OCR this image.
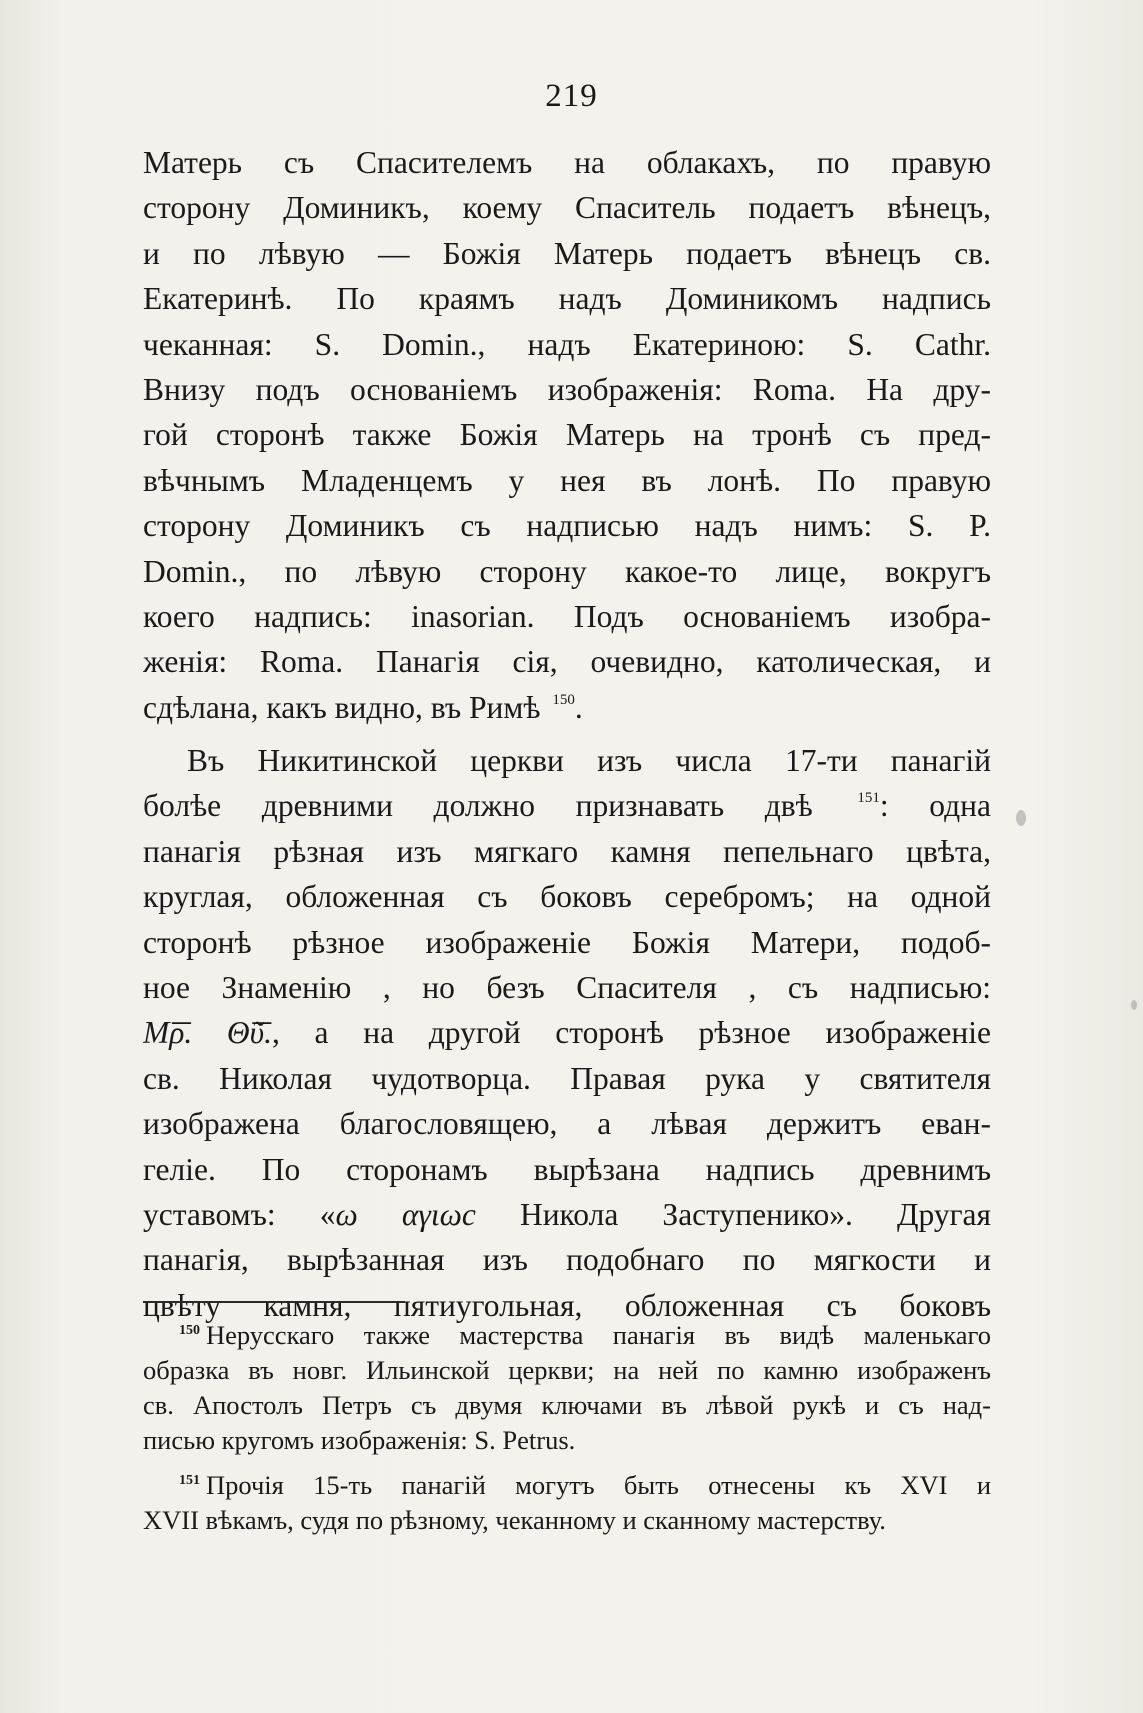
219
Матерь съ Спасителемъ на облакахъ, по правую
сторону Доминикъ, коему Спаситель подаетъ вѣнецъ,
и по лѣвую — Божія Матерь подаетъ вѣнецъ св.
Екатеринѣ. По краямъ надъ Доминикомъ надпись
чеканная: S. Domin., надъ Екатериною: S. Cathr.
Внизу подъ основаніемъ изображенія: Roma. На дру-
гой сторонѣ также Божія Матерь на тронѣ съ пред-
вѣчнымъ Младенцемъ у нея въ лонѣ. По правую
сторону Доминикъ съ надписью надъ нимъ: S. P.
Domin., по лѣвую сторону какое-то лице, вокругъ
коего надпись: inasorian. Подъ основаніемъ изобра-
женія: Roma. Панагія сія, очевидно, католическая, и
сдѣлана, какъ видно, въ Римѣ $^{150}$.
Въ Никитинской церкви изъ числа 17-ти панагій
болѣе древними должно признавать двѣ	$^{151}$: одна
панагія рѣзная изъ мягкаго камня пепельнаго цвѣта,
круглая, обложенная съ боковъ серебромъ; на одной
сторонѣ рѣзное изображеніе Божія Матери, подоб-
ное Знаменію , но безъ Спасителя , съ надписью:
Μ͞ρ. Θ͞ῦ., а на другой сторонѣ рѣзное изображеніе
св. Николая чудотворца. Правая рука у святителя
изображена благословящею, а лѣвая держитъ еван-
геліе. По сторонамъ вырѣзана надпись древнимъ
уставомъ: «ω αγιωc Никола Заступенико». Другая
панагія, вырѣзанная изъ подобнаго по мягкости и
цвѣту камня, пятиугольная, обложенная съ боковъ
$^{150}$ Нерусскаго также мастерства панагія въ видѣ маленькаго
образка въ новг. Ильинской церкви; на ней по камню изображенъ
св. Апостолъ Петръ съ двумя ключами въ лѣвой рукѣ и съ над-
писью кругомъ изображенія: S. Petrus.
$^{151}$ Прочія 15-ть панагій могутъ быть отнесены къ XVI и
XVII вѣкамъ, судя по рѣзному, чеканному и сканному мастерству.
